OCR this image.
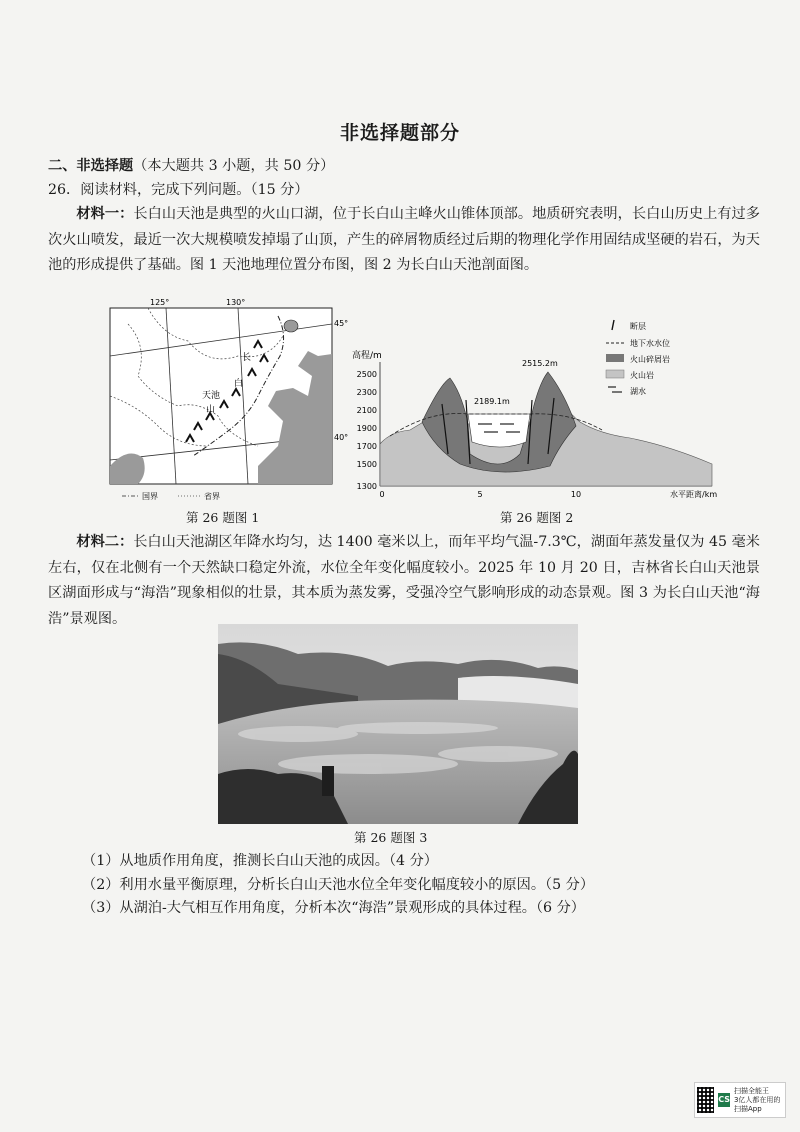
非选择题部分
二、非选择题（本大题共 3 小题，共 50 分）
26．阅读材料，完成下列问题。（15 分）
材料一：长白山天池是典型的火山口湖，位于长白山主峰火山锥体顶部。地质研究表明，长白山历史上有过多次火山喷发，最近一次大规模喷发掉塌了山顶，产生的碎屑物质经过后期的物理化学作用固结成坚硬的岩石，为天池的形成提供了基础。图 1 天池地理位置分布图，图 2 为长白山天池剖面图。
125°	130°
45°
40°
长
白
天池
山
国界	省界
第 26 题图 1
高程/m
2500
2300
2100
1900
1700
1500
1300
0	5	10	水平距离/km
2189.1m
2515.2m
断层
地下水水位
火山碎屑岩
火山岩
湖水
第 26 题图 2
材料二：长白山天池湖区年降水均匀，达 1400 毫米以上，而年平均气温-7.3℃，湖面年蒸发量仅为 45 毫米左右，仅在北侧有一个天然缺口稳定外流，水位全年变化幅度较小。2025 年 10 月 20 日，吉林省长白山天池景区湖面形成与“海浩”现象相似的壮景，其本质为蒸发雾，受强冷空气影响形成的动态景观。图 3 为长白山天池“海浩”景观图。
第 26 题图 3
（1）从地质作用角度，推测长白山天池的成因。（4 分）
（2）利用水量平衡原理，分析长白山天池水位全年变化幅度较小的原因。（5 分）
（3）从湖泊-大气相互作用角度，分析本次“海浩”景观形成的具体过程。（6 分）
CS
扫描全能王
3亿人都在用的扫描App
